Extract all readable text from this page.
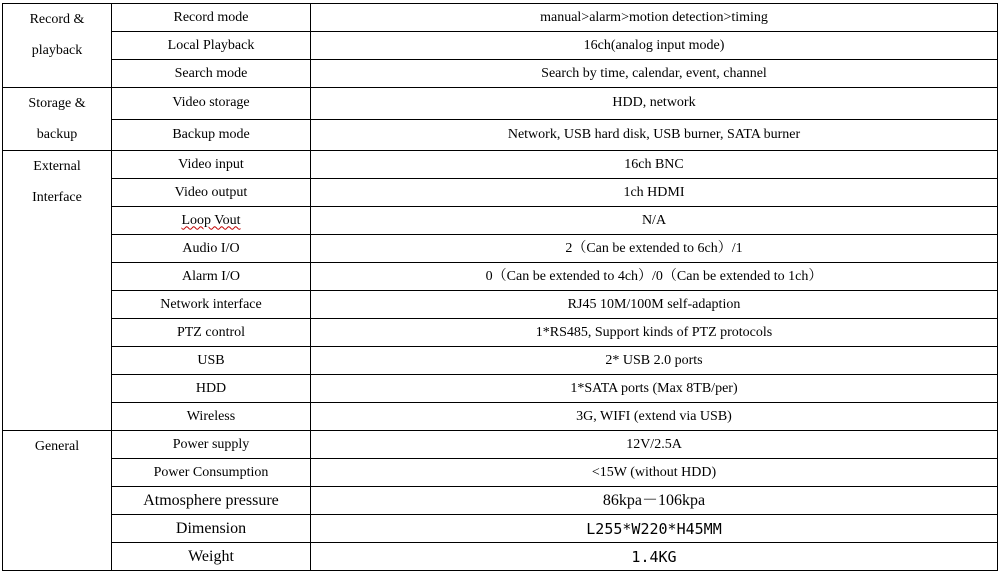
Record &
playback	Record mode	manual>alarm>motion detection>timing
	Local Playback	16ch(analog input mode)
	Search mode	Search by time, calendar, event, channel

Storage &
backup	Video storage	HDD, network
	Backup mode	Network, USB hard disk, USB burner, SATA burner

External
Interface	Video input	16ch BNC
	Video output	1ch HDMI
	Loop Vout	N/A
	Audio I/O	2（Can be extended to 6ch）/1
	Alarm I/O	0（Can be extended to 4ch）/0（Can be extended to 1ch）
	Network interface	RJ45 10M/100M self-adaption
	PTZ control	1*RS485, Support kinds of PTZ protocols
	USB	2* USB 2.0 ports
	HDD	1*SATA ports (Max 8TB/per)
	Wireless	3G, WIFI (extend via USB)

General	Power supply	12V/2.5A
	Power Consumption	<15W (without HDD)
	Atmosphere pressure	86kpa－106kpa
	Dimension	L255*W220*H45MM
	Weight	1.4KG
